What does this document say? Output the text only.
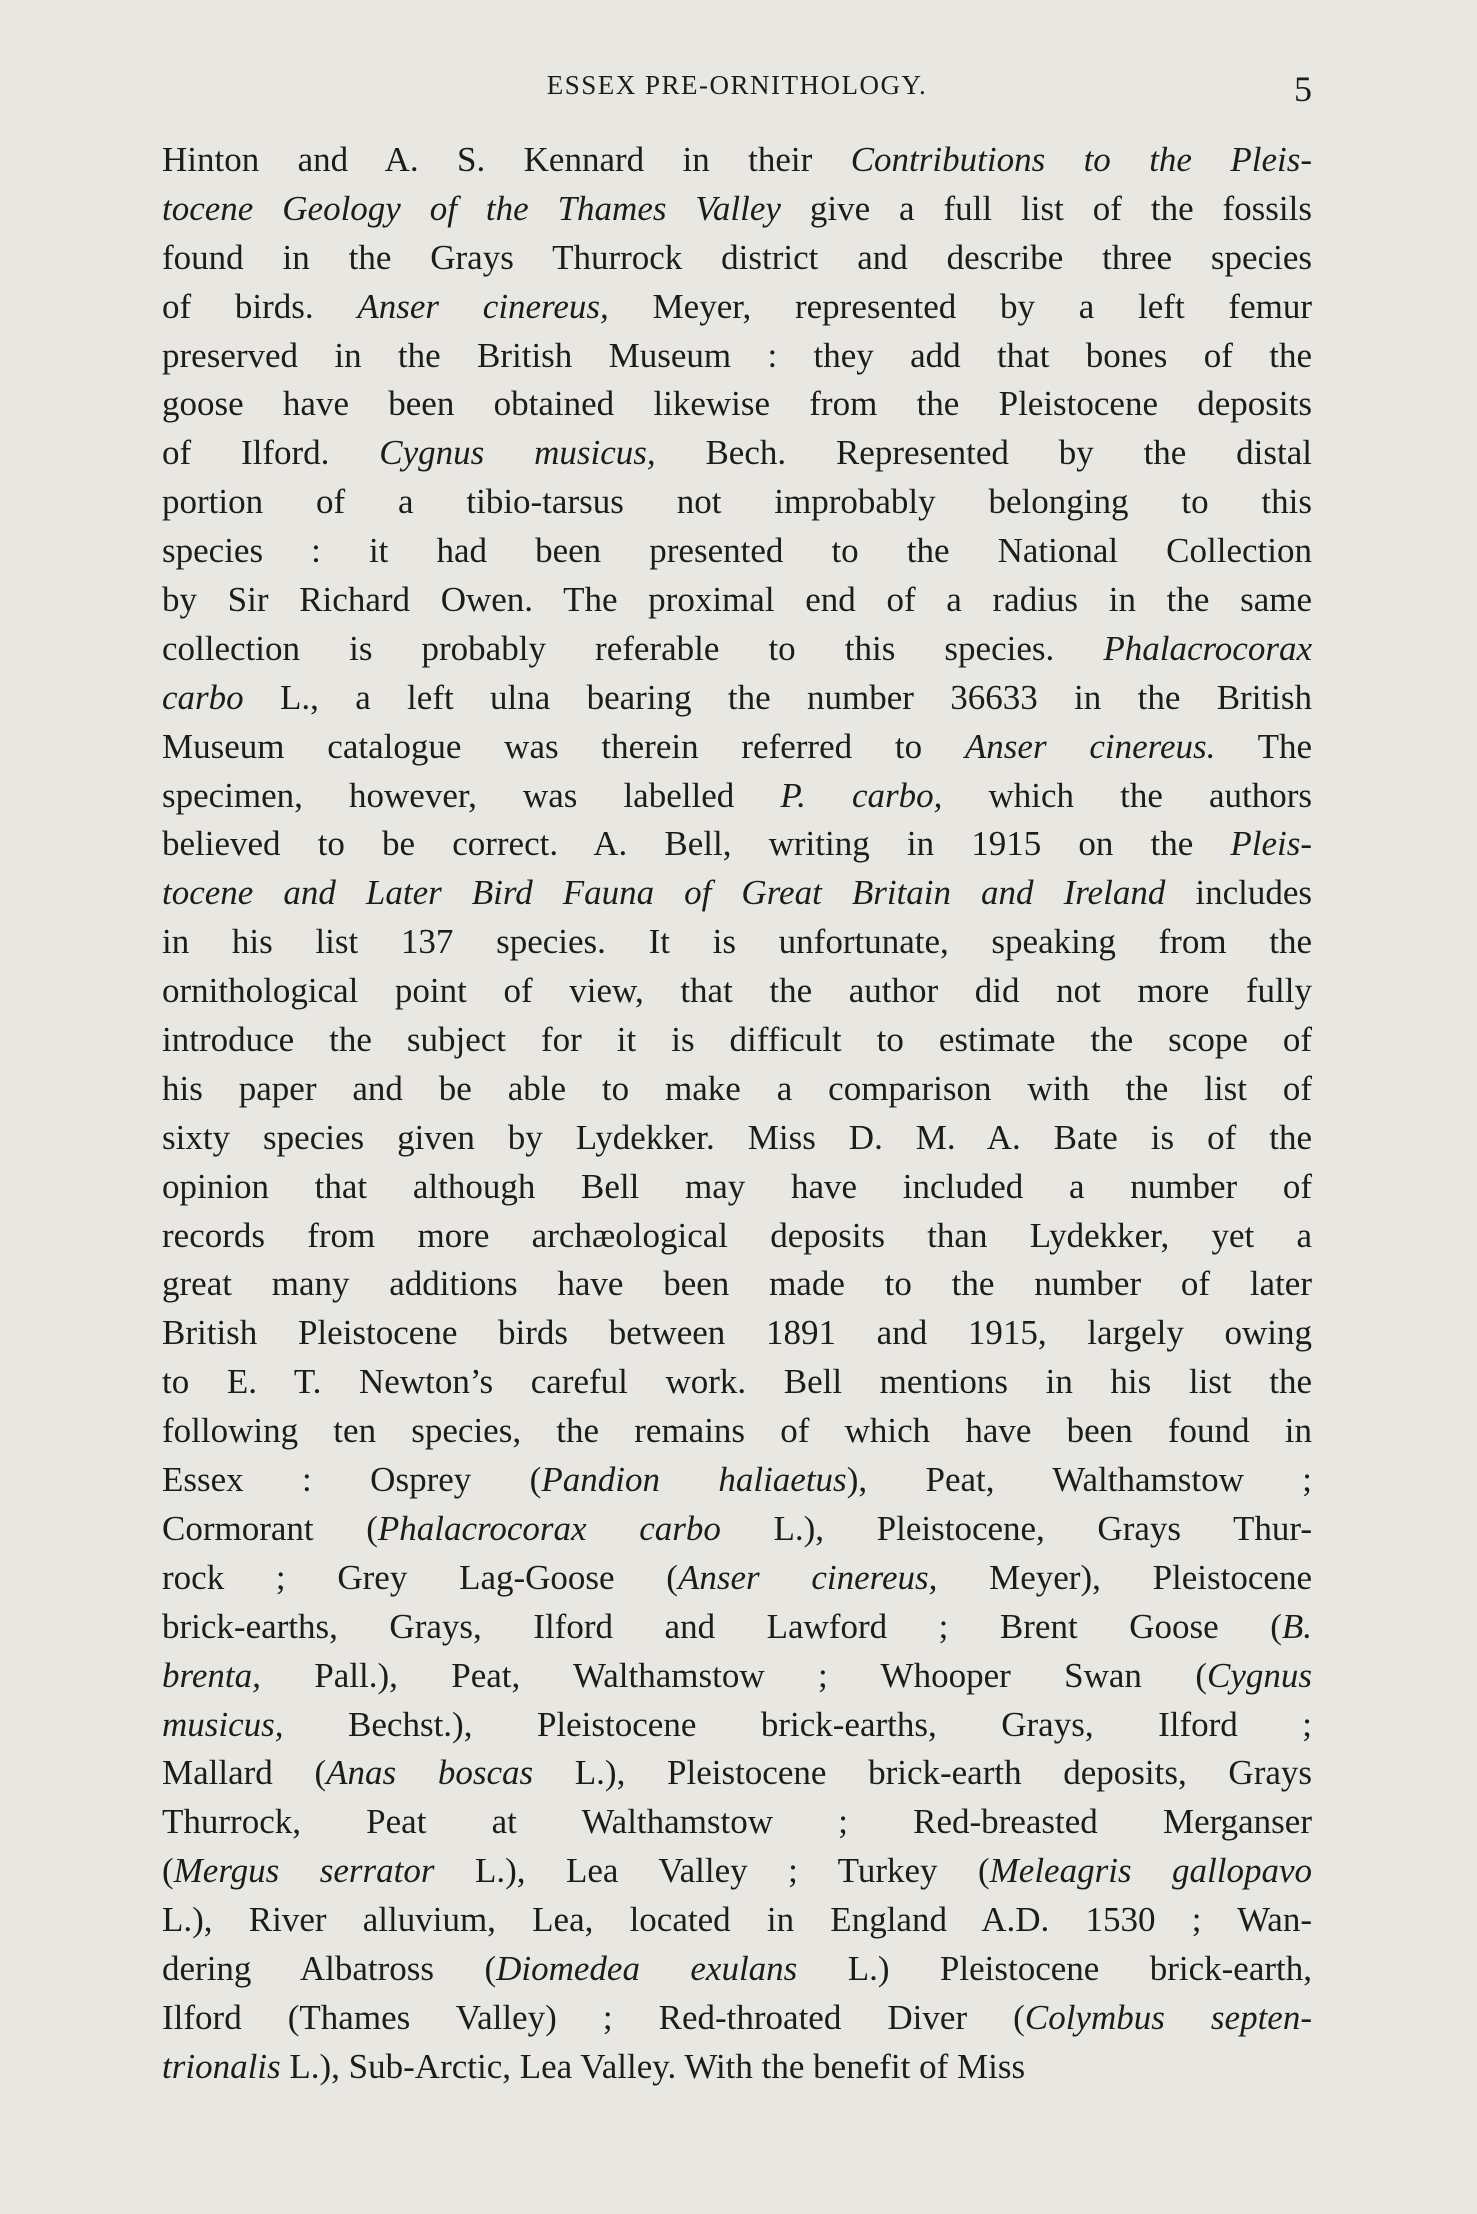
ESSEX PRE-ORNITHOLOGY.	5
Hinton and A. S. Kennard in their Contributions to the Pleis-
tocene Geology of the Thames Valley give a full list of the fossils
found in the Grays Thurrock district and describe three species
of birds. Anser cinereus, Meyer, represented by a left femur
preserved in the British Museum : they add that bones of the
goose have been obtained likewise from the Pleistocene deposits
of Ilford. Cygnus musicus, Bech. Represented by the distal
portion of a tibio-tarsus not improbably belonging to this
species : it had been presented to the National Collection
by Sir Richard Owen. The proximal end of a radius in the same
collection is probably referable to this species. Phalacrocorax
carbo L., a left ulna bearing the number 36633 in the British
Museum catalogue was therein referred to Anser cinereus. The
specimen, however, was labelled P. carbo, which the authors
believed to be correct. A. Bell, writing in 1915 on the Pleis-
tocene and Later Bird Fauna of Great Britain and Ireland includes
in his list 137 species. It is unfortunate, speaking from the
ornithological point of view, that the author did not more fully
introduce the subject for it is difficult to estimate the scope of
his paper and be able to make a comparison with the list of
sixty species given by Lydekker. Miss D. M. A. Bate is of the
opinion that although Bell may have included a number of
records from more archæological deposits than Lydekker, yet a
great many additions have been made to the number of later
British Pleistocene birds between 1891 and 1915, largely owing
to E. T. Newton’s careful work. Bell mentions in his list the
following ten species, the remains of which have been found in
Essex : Osprey (Pandion haliaetus), Peat, Walthamstow ;
Cormorant (Phalacrocorax carbo L.), Pleistocene, Grays Thur-
rock ; Grey Lag-Goose (Anser cinereus, Meyer), Pleistocene
brick-earths, Grays, Ilford and Lawford ; Brent Goose (B.
brenta, Pall.), Peat, Walthamstow ; Whooper Swan (Cygnus
musicus, Bechst.), Pleistocene brick-earths, Grays, Ilford ;
Mallard (Anas boscas L.), Pleistocene brick-earth deposits, Grays
Thurrock, Peat at Walthamstow ; Red-breasted Merganser
(Mergus serrator L.), Lea Valley ; Turkey (Meleagris gallopavo
L.), River alluvium, Lea, located in England A.D. 1530 ; Wan-
dering Albatross (Diomedea exulans L.) Pleistocene brick-earth,
Ilford (Thames Valley) ; Red-throated Diver (Colymbus septen-
trionalis L.), Sub-Arctic, Lea Valley. With the benefit of Miss
